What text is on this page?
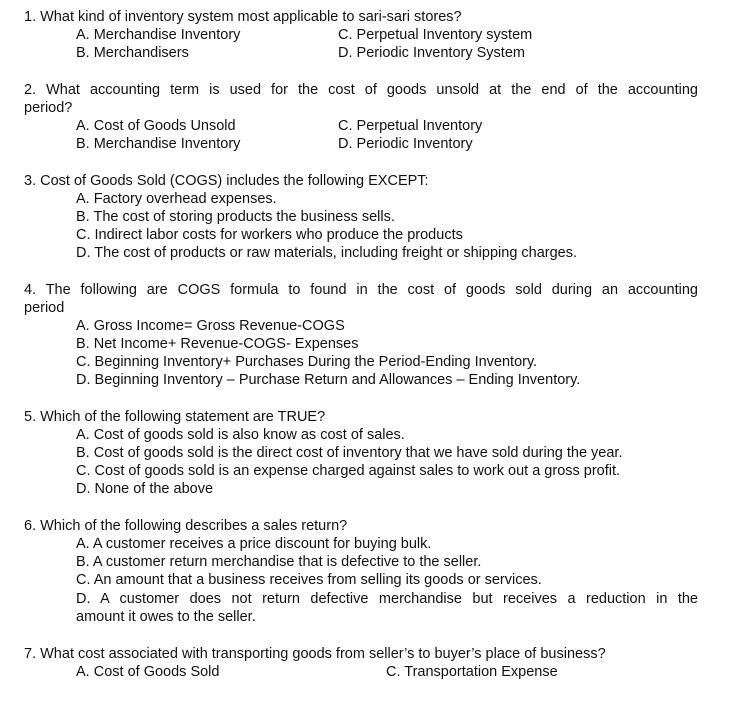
1. What kind of inventory system most applicable to sari-sari stores?
A. Merchandise Inventory	C. Perpetual Inventory system
B. Merchandisers	D. Periodic Inventory System
2. What accounting term is used for the cost of goods unsold at the end of the accounting
period?
A. Cost of Goods Unsold	C. Perpetual Inventory
B. Merchandise Inventory	D. Periodic Inventory
3. Cost of Goods Sold (COGS) includes the following EXCEPT:
A. Factory overhead expenses.
B. The cost of storing products the business sells.
C. Indirect labor costs for workers who produce the products
D. The cost of products or raw materials, including freight or shipping charges.
4. The following are COGS formula to found in the cost of goods sold during an accounting
period
A. Gross Income= Gross Revenue-COGS
B. Net Income+ Revenue-COGS- Expenses
C. Beginning Inventory+ Purchases During the Period-Ending Inventory.
D. Beginning Inventory – Purchase Return and Allowances – Ending Inventory.
5. Which of the following statement are TRUE?
A. Cost of goods sold is also know as cost of sales.
B. Cost of goods sold is the direct cost of inventory that we have sold during the year.
C. Cost of goods sold is an expense charged against sales to work out a gross profit.
D. None of the above
6. Which of the following describes a sales return?
A. A customer receives a price discount for buying bulk.
B. A customer return merchandise that is defective to the seller.
C. An amount that a business receives from selling its goods or services.
D. A customer does not return defective merchandise but receives a reduction in the
amount it owes to the seller.
7. What cost associated with transporting goods from seller’s to buyer’s place of business?
A. Cost of Goods Sold	C. Transportation Expense
